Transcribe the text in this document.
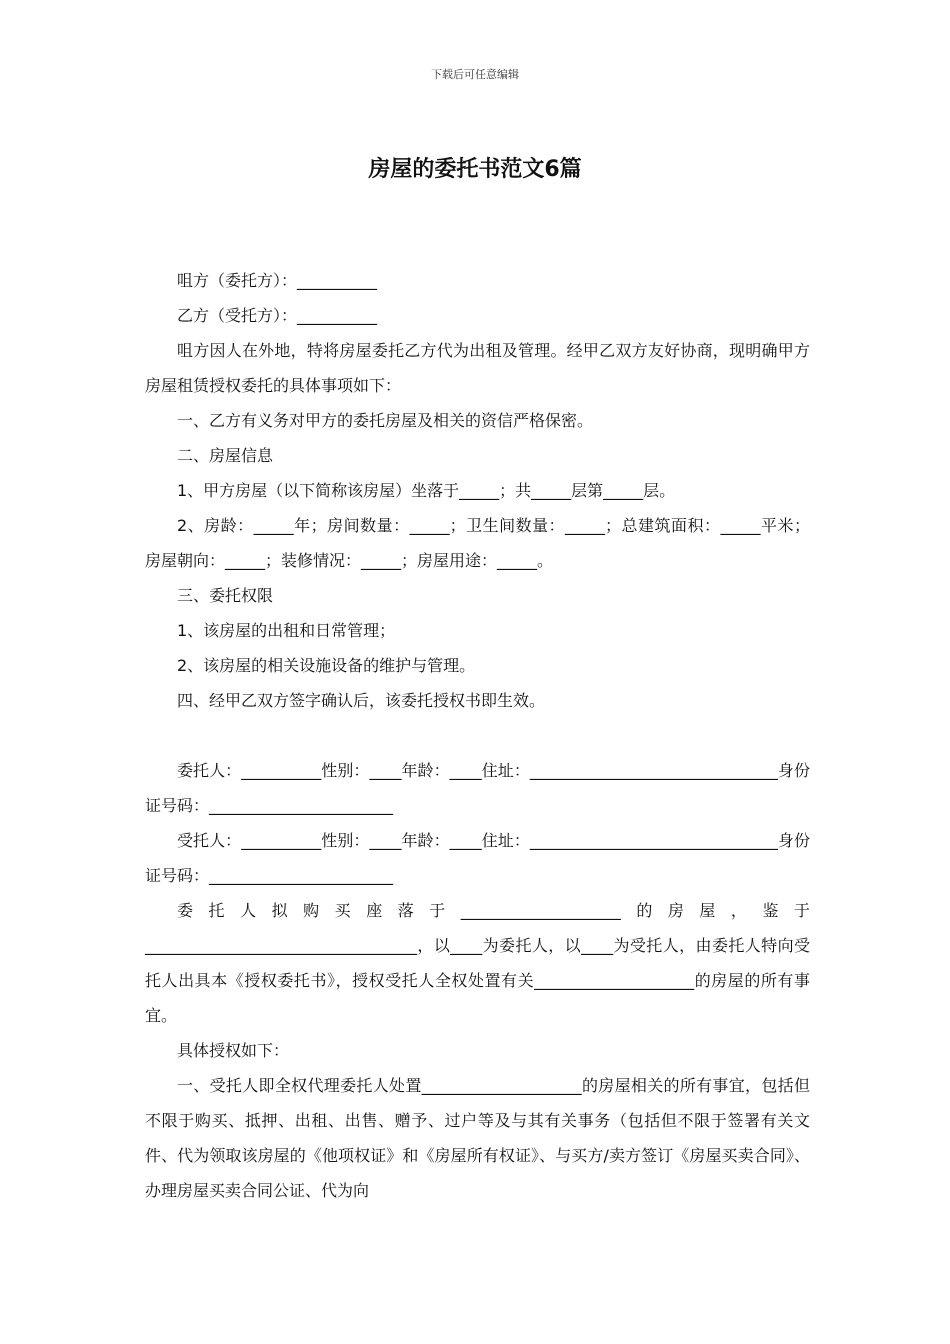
下载后可任意编辑
房屋的委托书范文6篇

咀方（委托方）：__________

乙方（受托方）：__________

咀方因人在外地，特将房屋委托乙方代为出租及管理。经甲乙双方友好协商，现明确甲方房屋租赁授权委托的具体事项如下：

一、乙方有义务对甲方的委托房屋及相关的资信严格保密。

二、房屋信息

1、甲方房屋（以下简称该房屋）坐落于_____；共_____层第_____层。

2、房龄：_____年；房间数量：_____；卫生间数量：_____；总建筑面积：_____平米；房屋朝向：_____；装修情况：_____；房屋用途：_____。

三、委托权限

1、该房屋的出租和日常管理；

2、该房屋的相关设施设备的维护与管理。

四、经甲乙双方签字确认后，该委托授权书即生效。

委托人：__________性别：____年龄：____住址：_______________________________身份证号码：_______________________

受托人：__________性别：____年龄：____住址：_______________________________身份证号码：_______________________

委托人拟购买座落于____________________的房屋，鉴于__________________________________，以____为委托人，以____为受托人，由委托人特向受托人出具本《授权委托书》，授权受托人全权处置有关____________________的房屋的所有事宜。

具体授权如下：

一、受托人即全权代理委托人处置____________________的房屋相关的所有事宜，包括但不限于购买、抵押、出租、出售、赠予、过户等及与其有关事务（包括但不限于签署有关文件、代为领取该房屋的《他项权证》和《房屋所有权证》、与买方/卖方签订《房屋买卖合同》、办理房屋买卖合同公证、代为向
